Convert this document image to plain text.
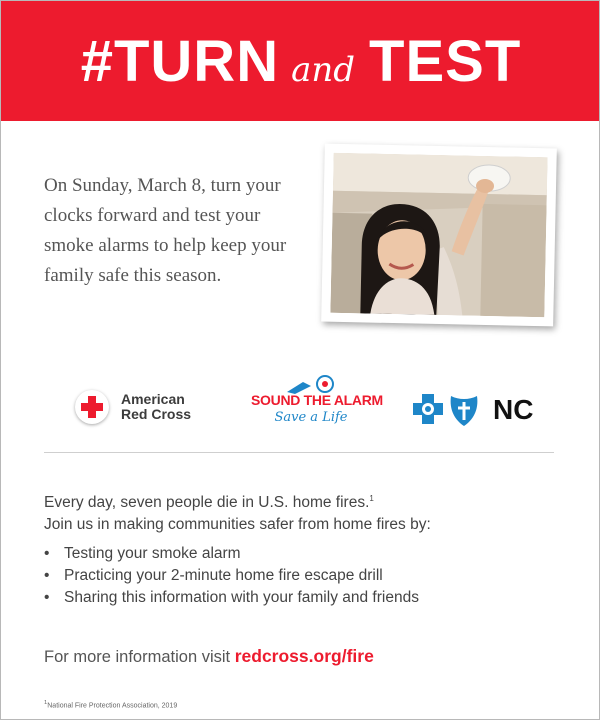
#TURN and TEST

On Sunday, March 8, turn your clocks forward and test your smoke alarms to help keep your family safe this season.

American
Red Cross
SOUND THE ALARM
Save a Life	NC

Every day, seven people die in U.S. home fires.$^1$
Join us in making communities safer from home fires by:

• Testing your smoke alarm
• Practicing your 2-minute home fire escape drill
• Sharing this information with your family and friends

For more information visit redcross.org/fire

$^1$National Fire Protection Association, 2019
